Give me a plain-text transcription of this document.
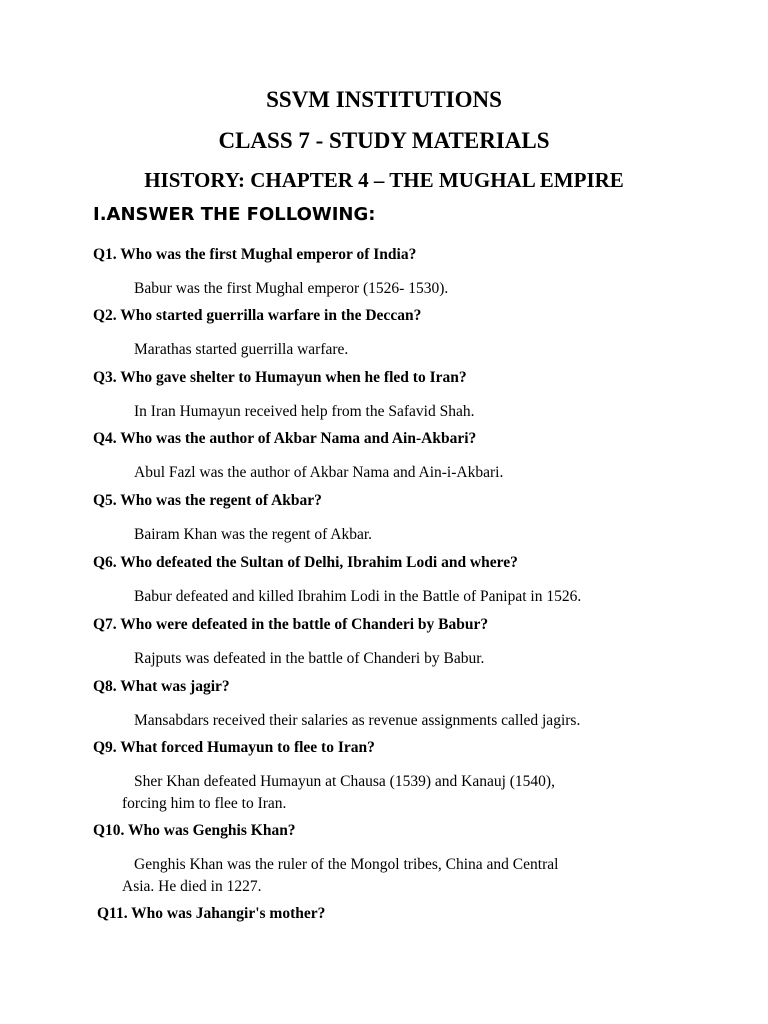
SSVM INSTITUTIONS
CLASS 7 - STUDY MATERIALS
HISTORY: CHAPTER 4 – THE MUGHAL EMPIRE
I.ANSWER THE FOLLOWING:
Q1. Who was the first Mughal emperor of India?
Babur was the first Mughal emperor (1526- 1530).
Q2. Who started guerrilla warfare in the Deccan?
Marathas started guerrilla warfare.
Q3. Who gave shelter to Humayun when he fled to Iran?
In Iran Humayun received help from the Safavid Shah.
Q4. Who was the author of Akbar Nama and Ain-Akbari?
Abul Fazl was the author of Akbar Nama and Ain-i-Akbari.
Q5. Who was the regent of Akbar?
Bairam Khan was the regent of Akbar.
Q6. Who defeated the Sultan of Delhi, Ibrahim Lodi and where?
Babur defeated and killed Ibrahim Lodi in the Battle of Panipat in 1526.
Q7. Who were defeated in the battle of Chanderi by Babur?
Rajputs was defeated in the battle of Chanderi by Babur.
Q8. What was jagir?
Mansabdars received their salaries as revenue assignments called jagirs.
Q9. What forced Humayun to flee to Iran?
Sher Khan defeated Humayun at Chausa (1539) and Kanauj (1540),
forcing him to flee to Iran.
Q10. Who was Genghis Khan?
Genghis Khan was the ruler of the Mongol tribes, China and Central
Asia. He died in 1227.
Q11. Who was Jahangir's mother?
